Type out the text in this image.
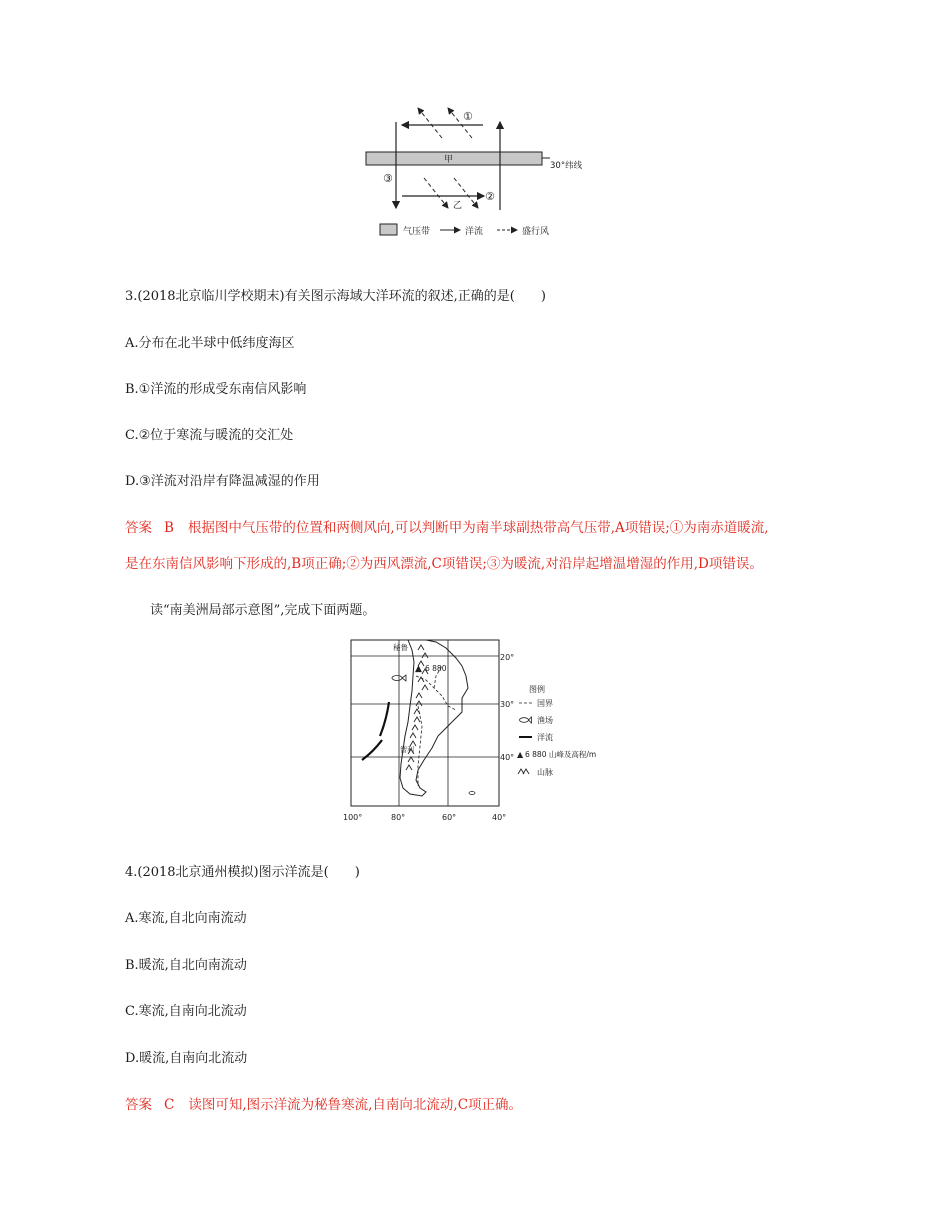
甲
30°纬线
①
②
③
乙
气压带	洋流	盛行风
3.(2018北京临川学校期末)有关图示海域大洋环流的叙述,正确的是(　　)
A.分布在北半球中低纬度海区
B.①洋流的形成受东南信风影响
C.②位于寒流与暖流的交汇处
D.③洋流对沿岸有降温减湿的作用
答案 B 根据图中气压带的位置和两侧风向,可以判断甲为南半球副热带高气压带,A项错误;①为南赤道暖流,
是在东南信风影响下形成的,B项正确;②为西风漂流,C项错误;③为暖流,对沿岸起增温增湿的作用,D项错误。
读“南美洲局部示意图”,完成下面两题。
▲ 6 880
秘鲁
智利
20°
30°
40°
100°	80°	60°	40°
图例
国界
渔场
洋流
▲ 6 880 山峰及高程/m
山脉
4.(2018北京通州模拟)图示洋流是(　　)
A.寒流,自北向南流动
B.暖流,自北向南流动
C.寒流,自南向北流动
D.暖流,自南向北流动
答案 C 读图可知,图示洋流为秘鲁寒流,自南向北流动,C项正确。
